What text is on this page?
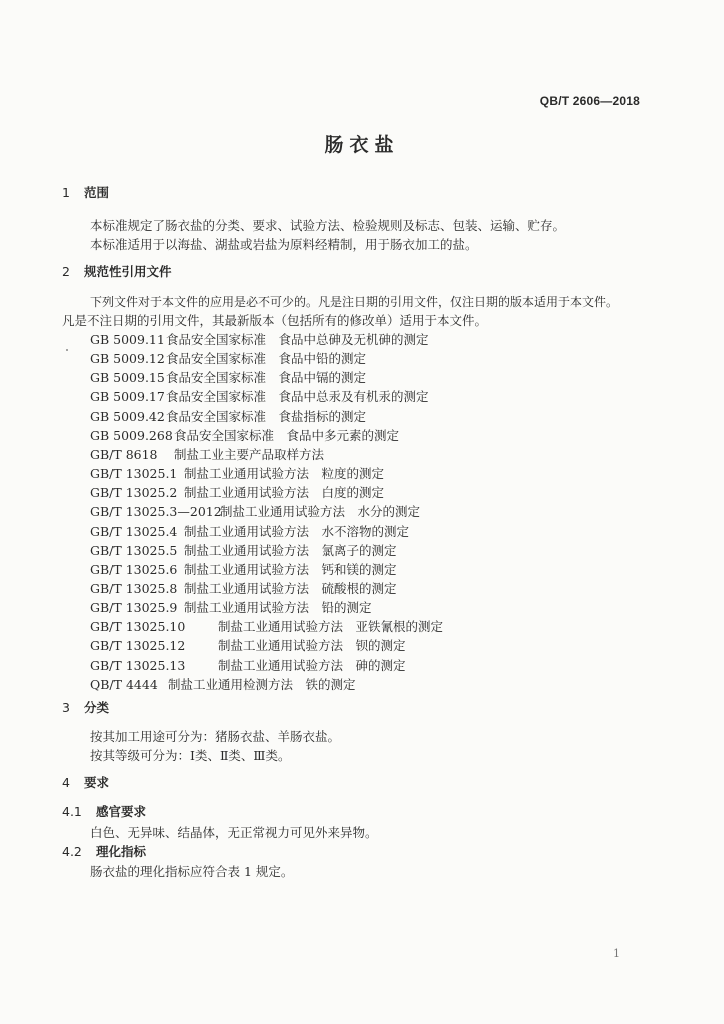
QB/T 2606—2018
肠衣盐
1 范围
本标准规定了肠衣盐的分类、要求、试验方法、检验规则及标志、包装、运输、贮存。
本标准适用于以海盐、湖盐或岩盐为原料经精制，用于肠衣加工的盐。
2 规范性引用文件
下列文件对于本文件的应用是必不可少的。凡是注日期的引用文件，仅注日期的版本适用于本文件。
凡是不注日期的引用文件，其最新版本（包括所有的修改单）适用于本文件。
GB 5009.11食品安全国家标准　食品中总砷及无机砷的测定
GB 5009.12食品安全国家标准　食品中铅的测定
GB 5009.15食品安全国家标准　食品中镉的测定
GB 5009.17食品安全国家标准　食品中总汞及有机汞的测定
GB 5009.42食品安全国家标准　食盐指标的测定
GB 5009.268食品安全国家标准　食品中多元素的测定
GB/T 8618 制盐工业主要产品取样方法
GB/T 13025.1 制盐工业通用试验方法　粒度的测定
GB/T 13025.2 制盐工业通用试验方法　白度的测定
GB/T 13025.3—2012制盐工业通用试验方法　水分的测定
GB/T 13025.4 制盐工业通用试验方法　水不溶物的测定
GB/T 13025.5 制盐工业通用试验方法　氯离子的测定
GB/T 13025.6 制盐工业通用试验方法　钙和镁的测定
GB/T 13025.8 制盐工业通用试验方法　硫酸根的测定
GB/T 13025.9 制盐工业通用试验方法　铅的测定
GB/T 13025.10	制盐工业通用试验方法　亚铁氰根的测定
GB/T 13025.12	制盐工业通用试验方法　钡的测定
GB/T 13025.13	制盐工业通用试验方法　砷的测定
QB/T 4444 制盐工业通用检测方法　铁的测定
3 分类
按其加工用途可分为：猪肠衣盐、羊肠衣盐。
按其等级可分为：Ⅰ类、Ⅱ类、Ⅲ类。
4 要求
4.1 感官要求
白色、无异味、结晶体，无正常视力可见外来异物。
4.2 理化指标
肠衣盐的理化指标应符合表 1 规定。
1
